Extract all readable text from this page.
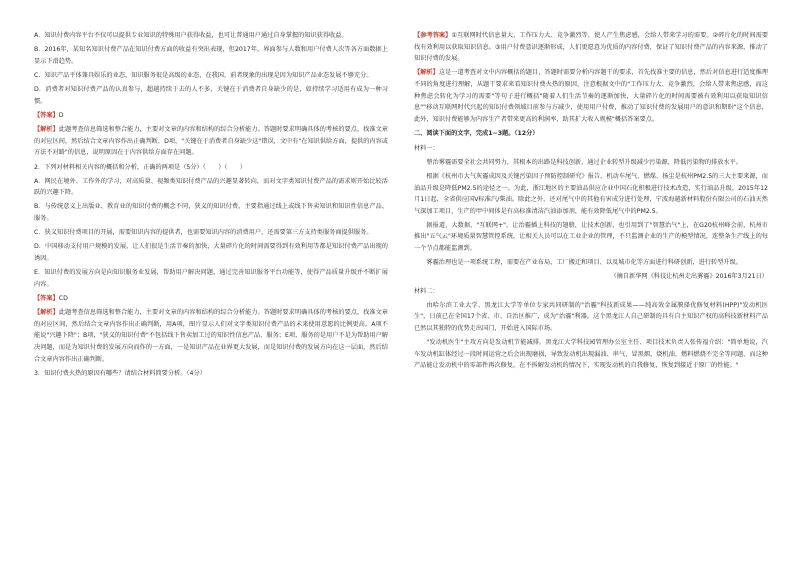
A．知识付费内容平台不仅可以提供专业知识的特殊用户获得收益，也可让普通用户通过自身掌握的知识获得收益。
B．2016年，某知名知识付费产品在知识付费方面的收益有突出表现，但2017年，界面参与人数和用户付费人次等各方面数据上显示下滑趋势。
C．知识产品平体兼具娱乐的业态，知识服务很是高级的业态，在我国，前者现象的出现是因为知识产品业态发展不够充分。
D．消费者对知识付费产品的认真参与，超越持续于去的人不多，关键在于消费者自身缺少的是，如持续学习适用有成为一种习惯。
【答案】D
【解析】此题考查信息筛选和整合能力，主要对文章的内容和结构的综合分析能力。答题时要求明确具体的考核的要点，找准文章的对应区间，然后结合文章内容作出正确判断，D项，"关键在于消费者自身缺少这"错误，文中有"在知识供给方面，提供的内容或方法不对路"的信息，说明原因在于内容供给方面存在问题。
2．下列对材料相关内容的概括和分析，正确的两项是（5分）（　　）（　　）
A．网民在境外、工作外的学习，对高质量、视频类知识付费产品的兴趣显著转向，而对文字类知识付费产品的需求则开始比较活跃的兴趣下降。
B．与传统意义上出版业、教育业的知识付费的概念不同，狭义的知识付费，主要指通过线上或线下售卖知识和知识性信息产品、服务。
C．狭义知识付费项目的开展，需要知识内容的提供者，也需要知识内容的消费用户，还需要第三方支持类服务商提供服务。
D．中国移动支付用户规模的发展，让人们很是生活节奏的加快，大量碎片化的时间需要得到有效利用等都是知识付费产品出现的诱因。
E．知识付费的发展方向是向知识服务业发展，帮助用户解决问题，通过完善知识服务平台功能等，使得产品质量升级并不断扩展内容。
【答案】CD
【解析】此题考查信息筛选和整合能力，主要对文章的内容和结构的综合分析能力。答题时要求明确具体的考核的要点，找准文章的对应区间，然后结合文章内容作出正确判断，用A项，图片显示人们对文字类知识付费产品的未来使用意愿的比例更高。A项不能说"兴趣下降"；B项，"狭义的知识付费"不包括线下售卖加工过的知识性信息产品、服务；E项，服务的是用户不是为帮助用户解决问题，而是为知识付费的发展方向而作的一方面，一是知识产品在业界更大发展，而是知识付费的发展方向在这一层面，然后结合文章内容作出正确判断。
3．知识付费火热的原因有哪些？请结合材料简要分析。（4分）
【参考答案】①互联网时代信息量大，工作压力大、竞争激烈等，使人产生焦虑感，会给人带来学习的需要。②碎片化的时间需要找有效利用以获取知识信息。③用户付费意识逐渐形成，人们更愿意为优质的内容付费，保证了知识付费产品的内容来源，推动了知识付费的发展。
【解析】这是一道考查对文中内容概括的题目，答题时需要分析内容题干的要求，首先找准主要的信息，然后对信息进行适度推理不同的角度进行理解，从题干要求来看知识付费火热的原因，注意根据文中的"工作压力大、竞争激烈，会给人带来焦虑感，而这种焦虑会转化为学习的需要"等句子进行概括"随着人们生活节奏的逐渐加快，大量碎片化的时间需要被有效利用以获取知识信息""移动互联网时代兴起的知识付费领域目前参与方减少，使用用户付费，推动了知识付费的发展用户的意识和期盼"这个信息，此外，知识付费能够为内容生产者带来更高的利润率，助其扩大收入规模"概括答案要点。
二、阅读下面的文字，完成1~3题。（12分）
材料一：
整治雾霾需要全社会共同努力，其根本的出路是科技创新，通过企业转型升级减少污染源，降低污染物的排放水平。
根据《杭州市大气灰霾成因及关键污染因子预防控制研究》报告，机动车尾气、燃煤、扬尘是杭州PM2.5的三大主要来源，而油品升级是降低PM2.5的途径之一。为此，浙江地区的主要油品供应企业中国石化积极进行技术改造，实行油品升级，2015年12月1日起，全省供应国V标准汽/柴油。除此之外，还对尾气中的其他有害成分进行处理，宁波海越新材料股份有限公司的石油天然气深加工项目，生产的甲中间体是有高标准清洁汽油添加剂，能有效降低尾气中的PM2.5。
据报道，大数据、"互联网+"，让治霾插上科技的翅膀，让技术创新，也引用到了"智慧治气"上，在G20杭州峰会前，杭州市推出"五气云"环境质量智慧管控系统，让相关人员可以在工业企业的管理，不只监测企业的生产的模型情况，连整条生产线上的每一个节点都能监测到。
雾霾治理也是一项系统工程，需要在产业布局、工厂搬迁和项目、以及城市化等方面进行科研创新，进行转型升级。
（摘自新华网《科技让杭州走出雾霾》2016年3月21日）
材料二：
由哈尔滨工业大学、黑龙江大学等单位专家共同研制的"治霾"科技新成果——纯高效金属膜择优修复材料(HPP)"发动机医生"，日前已在全国17个省、市、自治区推广，成为"治霾"利器。这个黑龙江人自己研制的具有自主知识产权的高科技新材料产品已然以其独特的优势走出国门，开始进入国际市场。
"发动机医生"主攻方向是发动机节能减排。黑龙江大学科技园管理办公室主任、项目技术负责人张传福介绍："简单地说，汽车发动机缸体经过一段时间运营之后会出现磨损，导致发动机出现漏油、串气、冒黑烟、烧机油、燃料燃烧不完全等问题，而这种产品能让发动机中的零部件再次修复，在不拆解发动机的情况下，实现发动机的自我修复，恢复到接近于原厂的性能。"
